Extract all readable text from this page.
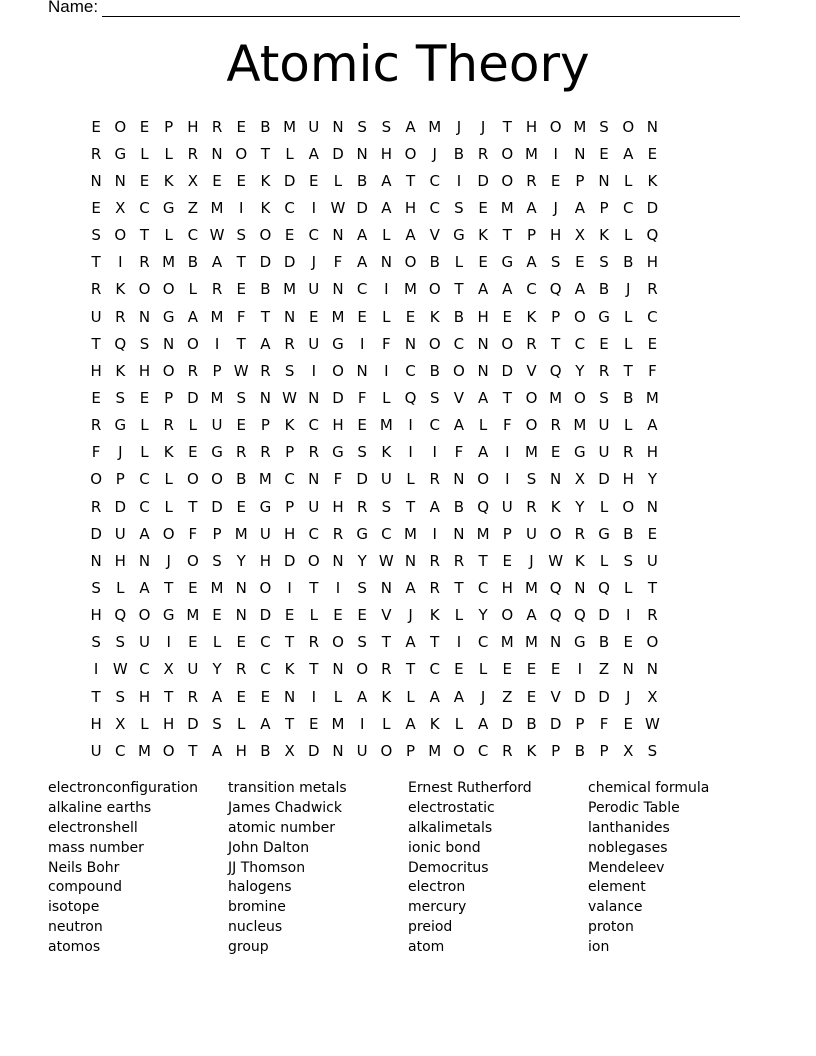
Name:
Atomic Theory
E O E P H R E B M U N S S A M	J	J	T H O M S O N
R G L	L R N O T	L A D N H O	J	B R O M	I	N E A E
N N E K X E E K D E	L B A T C	I	D O R E P N L	K
E X C G Z M	I	K C	I W D A H C S E M A	J	A P C D
S O T	L C W S O E C N A L A V G K T	P H X K	L Q
T	I	R M B A T D D	J	F A N O B L	E G A S E S B H
R K O O L R E B M U N C	I	M O T A A C Q A B	J	R
U R N G A M F	T N E M E	L	E K B H E K P O G L C
T Q S N O	I	T A R U G	I	F N O C N O R T C E	L	E
H K H O R P W R S	I	O N	I	C B O N D V Q Y R T	F
E S E P D M S N W N D F	L Q S V A T O M O S B M
R G L R L U E P K C H E M	I	C A L	F O R M U L A
F	J	L	K E G R R P R G S K	I	I	F A	I	M E G U R H
O P C L O O B M C N F D U L R N O	I	S N X D H Y
R D C L	T D E G P U H R S T A B Q U R K Y	L O N
D U A O F	P M U H C R G C M	I	N M P U O R G B E
N H N	J	O S Y H D O N Y W N R R T E	J W K	L	S U
S	L A T E M N O	I	T	I	S N A R T C H M Q N Q L	T
H Q O G M E N D E	L	E E V	J	K	L	Y O A Q Q D	I	R
S S U	I	E	L	E C T R O S T A T	I	C M M N G B E O
I W C X U Y R C K T N O R T C E	L	E E E	I	Z N N
T S H T R A E E N	I	L A K	L A A	J	Z E V D D	J	X
H X L H D S	L A T E M	I	L A K	L A D B D P	F	E W
U C M O T A H B X D N U O P M O C R K P B P X S
electronconfiguration
alkaline earths
electronshell
mass number
Neils Bohr
compound
isotope
neutron
atomos
transition metals
James Chadwick
atomic number
John Dalton
JJ Thomson
halogens
bromine
nucleus
group
Ernest Rutherford
electrostatic
alkalimetals
ionic bond
Democritus
electron
mercury
preiod
atom
chemical formula
Perodic Table
lanthanides
noblegases
Mendeleev
element
valance
proton
ion
